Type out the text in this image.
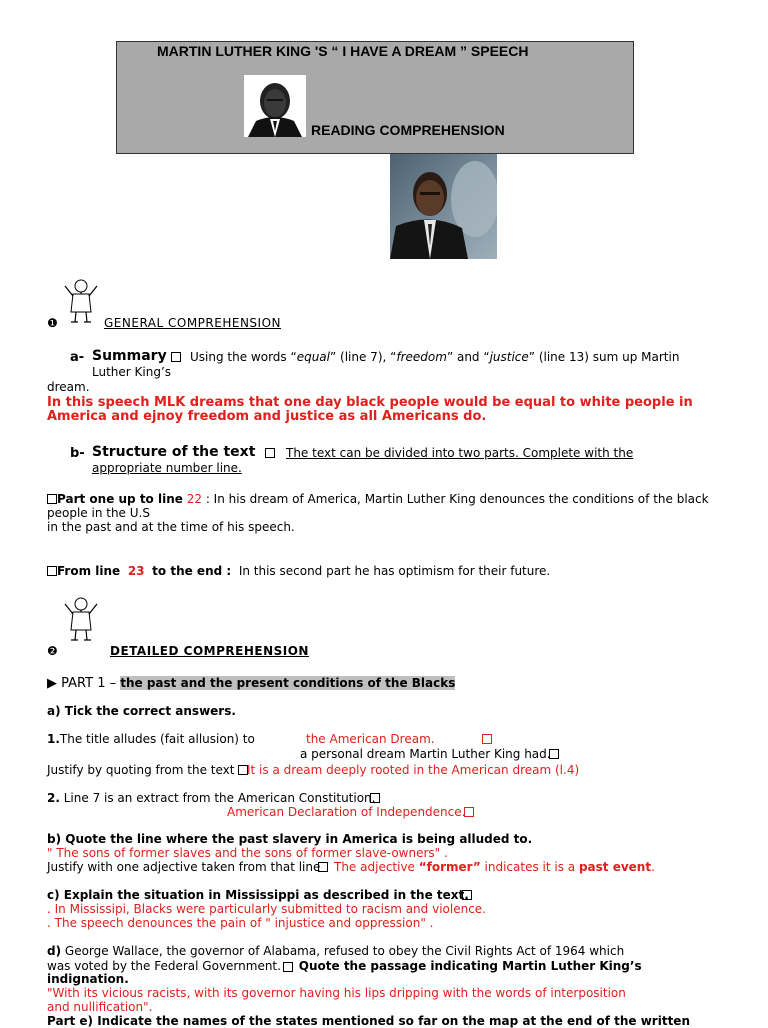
MARTIN LUTHER KING 'S “ I HAVE A DREAM ” SPEECH
READING COMPREHENSION
❶	GENERAL COMPREHENSION
a- Summary Using the words “equal” (line 7), “freedom” and “justice” (line 13) sum up Martin
Luther King’s
dream.
In this speech MLK dreams that one day black people would be equal to white people in
America and ejnoy freedom and justice as all Americans do.
b- Structure of the text	The text can be divided into two parts. Complete with the
appropriate number line.
Part one up to line 22 : In his dream of America, Martin Luther King denounces the conditions of the black
people in the U.S
in the past and at the time of his speech.
From line 23 to the end : In this second part he has optimism for their future.
❷	DETAILED COMPREHENSION
▶ PART 1 – the past and the present conditions of the Blacks
a) Tick the correct answers.
1.The title alludes (fait allusion) to	the American Dream.
a personal dream Martin Luther King had.
Justify by quoting from the text It is a dream deeply rooted in the American dream (l.4)
2. Line 7 is an extract from the American Constitution.
American Declaration of Independence.
b) Quote the line where the past slavery in America is being alluded to.
" The sons of former slaves and the sons of former slave-owners" .
Justify with one adjective taken from that line The adjective “former” indicates it is a past event.
c) Explain the situation in Mississippi as described in the text.
. In Mississipi, Blacks were particularly submitted to racism and violence.
. The speech denounces the pain of " injustice and oppression" .
d) George Wallace, the governor of Alabama, refused to obey the Civil Rights Act of 1964 which
was voted by the Federal Government. Quote the passage indicating Martin Luther King’s
indignation.
"With its vicious racists, with its governor having his lips dripping with the words of interposition
and nullification".
Part e) Indicate the names of the states mentioned so far on the map at the end of the written
